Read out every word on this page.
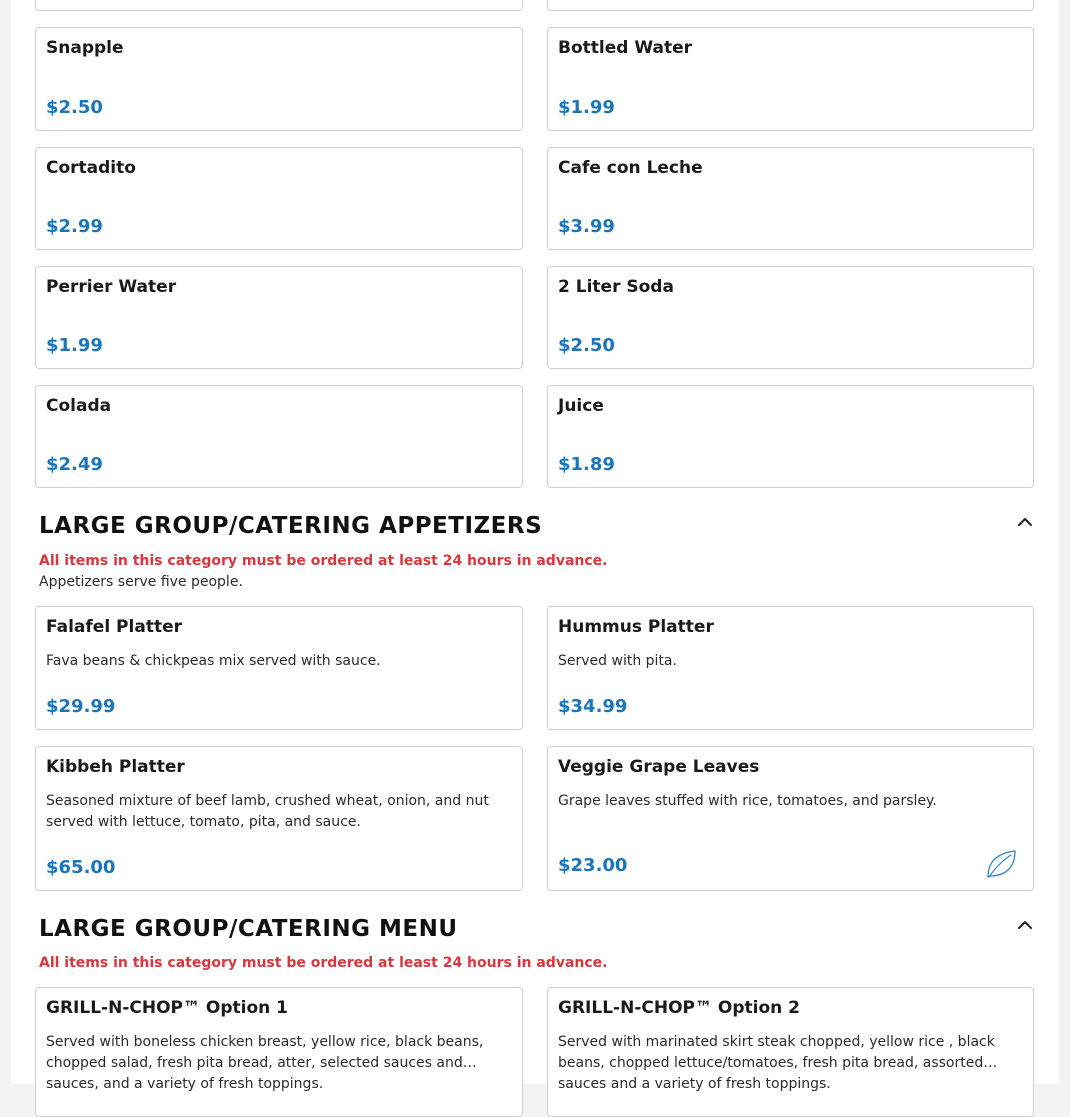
Snapple
$2.50
Bottled Water
$1.99
Cortadito
$2.99
Cafe con Leche
$3.99
Perrier Water
$1.99
2 Liter Soda
$2.50
Colada
$2.49
Juice
$1.89
LARGE GROUP/CATERING APPETIZERS
All items in this category must be ordered at least 24 hours in advance.
Appetizers serve five people.
Falafel Platter
Fava beans & chickpeas mix served with sauce.
$29.99
Hummus Platter
Served with pita.
$34.99
Kibbeh Platter
Seasoned mixture of beef lamb, crushed wheat, onion, and nut served with lettuce, tomato, pita, and sauce.
$65.00
Veggie Grape Leaves
Grape leaves stuffed with rice, tomatoes, and parsley.
$23.00
LARGE GROUP/CATERING MENU
All items in this category must be ordered at least 24 hours in advance.
GRILL-N-CHOP™ Option 1
Served with boneless chicken breast, yellow rice, black beans, chopped salad, fresh pita bread, atter, selected sauces and sauces, and a variety of fresh toppings.
GRILL-N-CHOP™ Option 2
Served with marinated skirt steak chopped, yellow rice , black beans, chopped lettuce/tomatoes, fresh pita bread, assorted sauces and a variety of fresh toppings.
